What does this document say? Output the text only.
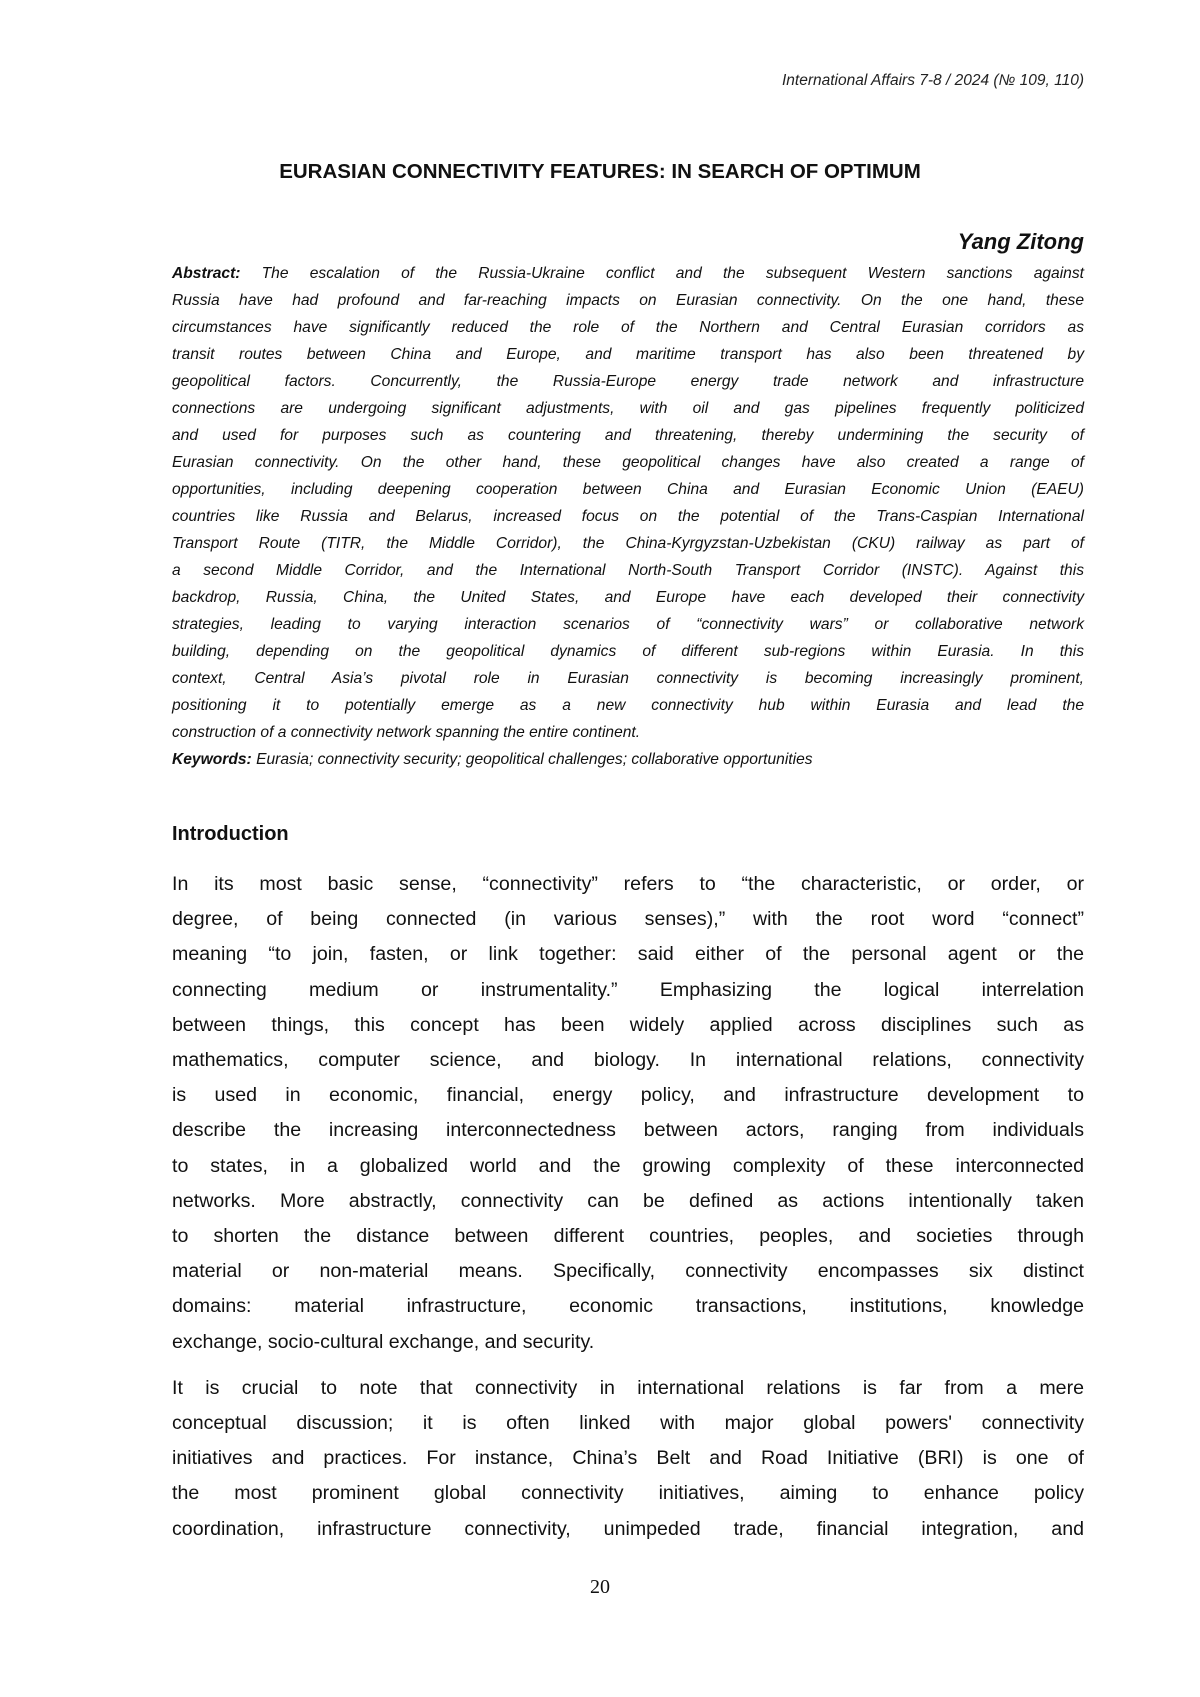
International Affairs 7-8 / 2024 (№ 109, 110)
EURASIAN CONNECTIVITY FEATURES: IN SEARCH OF OPTIMUM
Yang Zitong
Abstract: The escalation of the Russia-Ukraine conflict and the subsequent Western sanctions against
Russia have had profound and far-reaching impacts on Eurasian connectivity. On the one hand, these
circumstances have significantly reduced the role of the Northern and Central Eurasian corridors as
transit routes between China and Europe, and maritime transport has also been threatened by
geopolitical factors. Concurrently, the Russia-Europe energy trade network and infrastructure
connections are undergoing significant adjustments, with oil and gas pipelines frequently politicized
and used for purposes such as countering and threatening, thereby undermining the security of
Eurasian connectivity. On the other hand, these geopolitical changes have also created a range of
opportunities, including deepening cooperation between China and Eurasian Economic Union (EAEU)
countries like Russia and Belarus, increased focus on the potential of the Trans-Caspian International
Transport Route (TITR, the Middle Corridor), the China-Kyrgyzstan-Uzbekistan (CKU) railway as part of
a second Middle Corridor, and the International North-South Transport Corridor (INSTC). Against this
backdrop, Russia, China, the United States, and Europe have each developed their connectivity
strategies, leading to varying interaction scenarios of “connectivity wars” or collaborative network
building, depending on the geopolitical dynamics of different sub-regions within Eurasia. In this
context, Central Asia’s pivotal role in Eurasian connectivity is becoming increasingly prominent,
positioning it to potentially emerge as a new connectivity hub within Eurasia and lead the
construction of a connectivity network spanning the entire continent.
Keywords: Eurasia; connectivity security; geopolitical challenges; collaborative opportunities
Introduction
In its most basic sense, “connectivity” refers to “the characteristic, or order, or
degree, of being connected (in various senses),” with the root word “connect”
meaning “to join, fasten, or link together: said either of the personal agent or the
connecting medium or instrumentality.” Emphasizing the logical interrelation
between things, this concept has been widely applied across disciplines such as
mathematics, computer science, and biology. In international relations, connectivity
is used in economic, financial, energy policy, and infrastructure development to
describe the increasing interconnectedness between actors, ranging from individuals
to states, in a globalized world and the growing complexity of these interconnected
networks. More abstractly, connectivity can be defined as actions intentionally taken
to shorten the distance between different countries, peoples, and societies through
material or non-material means. Specifically, connectivity encompasses six distinct
domains: material infrastructure, economic transactions, institutions, knowledge
exchange, socio-cultural exchange, and security.
It is crucial to note that connectivity in international relations is far from a mere
conceptual discussion; it is often linked with major global powers' connectivity
initiatives and practices. For instance, China’s Belt and Road Initiative (BRI) is one of
the most prominent global connectivity initiatives, aiming to enhance policy
coordination, infrastructure connectivity, unimpeded trade, financial integration, and
20
